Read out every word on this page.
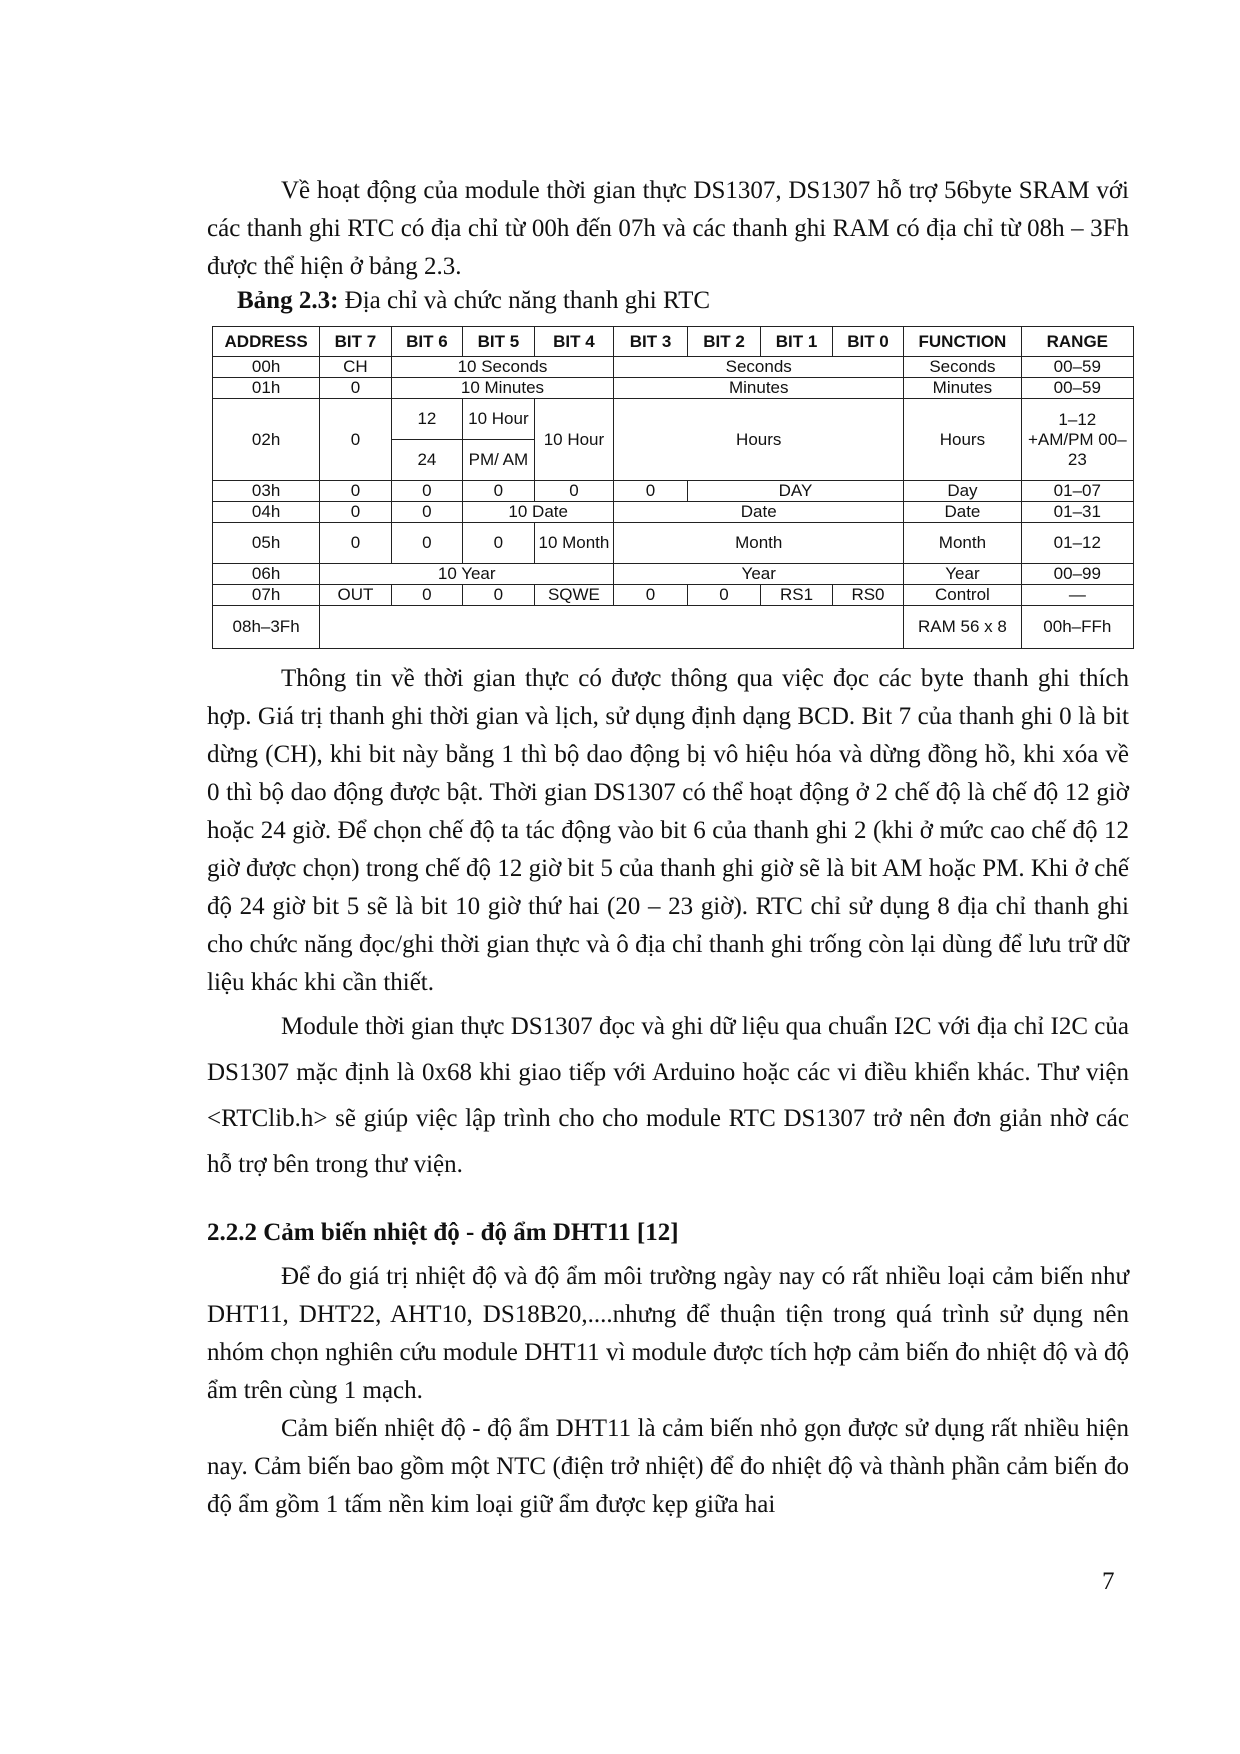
Về hoạt động của module thời gian thực DS1307, DS1307 hỗ trợ 56byte SRAM với các thanh ghi RTC có địa chỉ từ 00h đến 07h và các thanh ghi RAM có địa chỉ từ 08h – 3Fh được thể hiện ở bảng 2.3.

Bảng 2.3: Địa chỉ và chức năng thanh ghi RTC
ADDRESS	BIT 7	BIT 6	BIT 5	BIT 4	BIT 3	BIT 2	BIT 1	BIT 0	FUNCTION	RANGE
00h	CH	10 Seconds			Seconds				Seconds	00–59
01h	0	10 Minutes			Minutes				Minutes	00–59
02h	0	12	10 Hour	10 Hour	Hours				Hours	1–12 +AM/PM 00–23
		24	PM/ AM							
03h	0	0	0	0	0	DAY			Day	01–07
04h	0	0	10 Date		Date				Date	01–31
05h	0	0	0	10 Month	Month				Month	01–12
06h	10 Year				Year				Year	00–99
07h	OUT	0	0	SQWE	0	0	RS1	RS0	Control	—
08h–3Fh									RAM 56 x 8	00h–FFh

Thông tin về thời gian thực có được thông qua việc đọc các byte thanh ghi thích hợp. Giá trị thanh ghi thời gian và lịch, sử dụng định dạng BCD. Bit 7 của thanh ghi 0 là bit dừng (CH), khi bit này bằng 1 thì bộ dao động bị vô hiệu hóa và dừng đồng hồ, khi xóa về 0 thì bộ dao động được bật. Thời gian DS1307 có thể hoạt động ở 2 chế độ là chế độ 12 giờ hoặc 24 giờ. Để chọn chế độ ta tác động vào bit 6 của thanh ghi 2 (khi ở mức cao chế độ 12 giờ được chọn) trong chế độ 12 giờ bit 5 của thanh ghi giờ sẽ là bit AM hoặc PM. Khi ở chế độ 24 giờ bit 5 sẽ là bit 10 giờ thứ hai (20 – 23 giờ). RTC chỉ sử dụng 8 địa chỉ thanh ghi cho chức năng đọc/ghi thời gian thực và ô địa chỉ thanh ghi trống còn lại dùng để lưu trữ dữ liệu khác khi cần thiết.

Module thời gian thực DS1307 đọc và ghi dữ liệu qua chuẩn I2C với địa chỉ I2C của DS1307 mặc định là 0x68 khi giao tiếp với Arduino hoặc các vi điều khiển khác. Thư viện <RTClib.h> sẽ giúp việc lập trình cho cho module RTC DS1307 trở nên đơn giản nhờ các hỗ trợ bên trong thư viện.

2.2.2 Cảm biến nhiệt độ - độ ẩm DHT11 [12]

Để đo giá trị nhiệt độ và độ ẩm môi trường ngày nay có rất nhiều loại cảm biến như DHT11, DHT22, AHT10, DS18B20,....nhưng để thuận tiện trong quá trình sử dụng nên nhóm chọn nghiên cứu module DHT11 vì module được tích hợp cảm biến đo nhiệt độ và độ ẩm trên cùng 1 mạch.

Cảm biến nhiệt độ - độ ẩm DHT11 là cảm biến nhỏ gọn được sử dụng rất nhiều hiện nay. Cảm biến bao gồm một NTC (điện trở nhiệt) để đo nhiệt độ và thành phần cảm biến đo độ ẩm gồm 1 tấm nền kim loại giữ ẩm được kẹp giữa hai

7
